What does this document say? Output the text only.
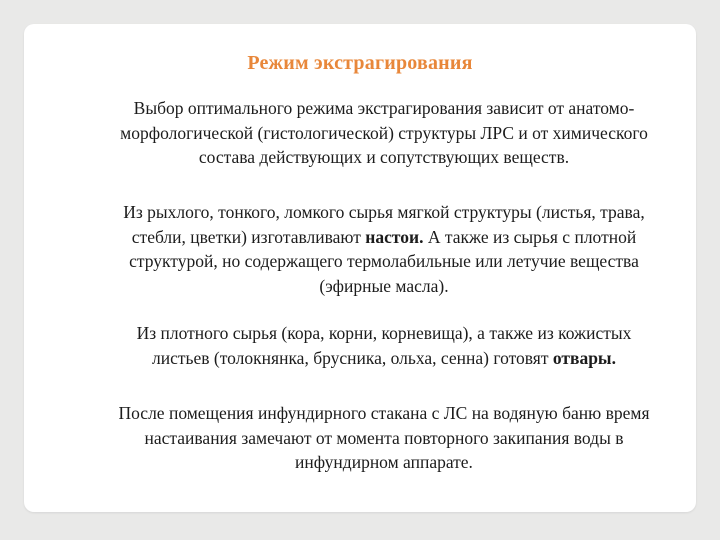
Режим экстрагирования
Выбор оптимального режима экстрагирования зависит от анатомо-
морфологической (гистологической) структуры ЛРС и от химического
состава действующих и сопутствующих веществ.
Из рыхлого, тонкого, ломкого сырья мягкой структуры (листья, трава,
стебли, цветки) изготавливают настои. А также из сырья с плотной
структурой, но содержащего термолабильные или летучие вещества
(эфирные масла).
Из плотного сырья (кора, корни, корневища), а также из кожистых
листьев (толокнянка, брусника, ольха, сенна) готовят отвары.
После помещения инфундирного стакана с ЛС на водяную баню время
настаивания замечают от момента повторного закипания воды в
инфундирном аппарате.
